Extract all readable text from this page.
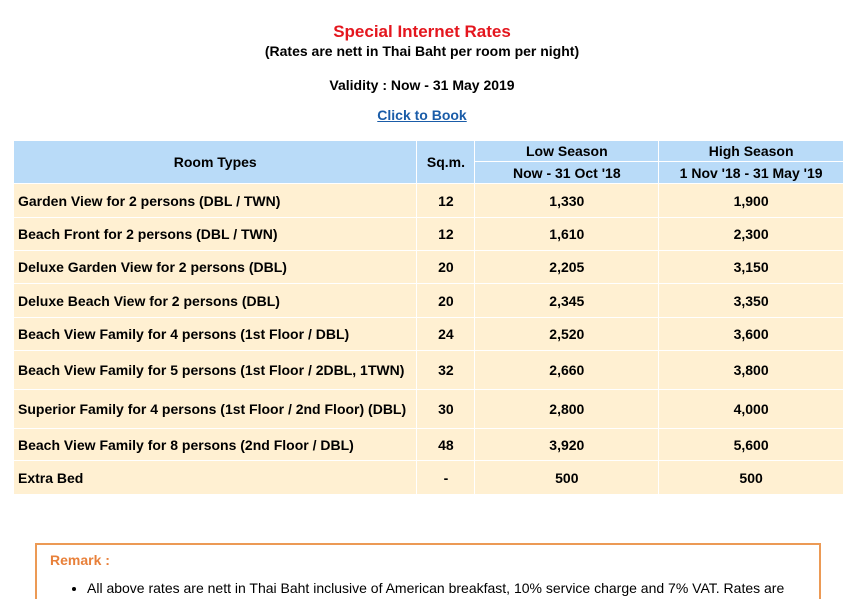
Special Internet Rates
(Rates are nett in Thai Baht per room per night)
Validity : Now - 31 May 2019
Click to Book
Room Types	Sq.m.	Low Season	High Season
		Now - 31 Oct '18	1 Nov '18 - 31 May '19
Garden View for 2 persons (DBL / TWN)	12	1,330	1,900
Beach Front for 2 persons (DBL / TWN)	12	1,610	2,300
Deluxe Garden View for 2 persons (DBL)	20	2,205	3,150
Deluxe Beach View for 2 persons (DBL)	20	2,345	3,350
Beach View Family for 4 persons (1st Floor / DBL)	24	2,520	3,600
Beach View Family for 5 persons (1st Floor / 2DBL, 1TWN)	32	2,660	3,800
Superior Family for 4 persons (1st Floor / 2nd Floor) (DBL)	30	2,800	4,000
Beach View Family for 8 persons (2nd Floor / DBL)	48	3,920	5,600
Extra Bed	-	500	500
Remark :
• All above rates are nett in Thai Baht inclusive of American breakfast, 10% service charge and 7% VAT. Rates are
